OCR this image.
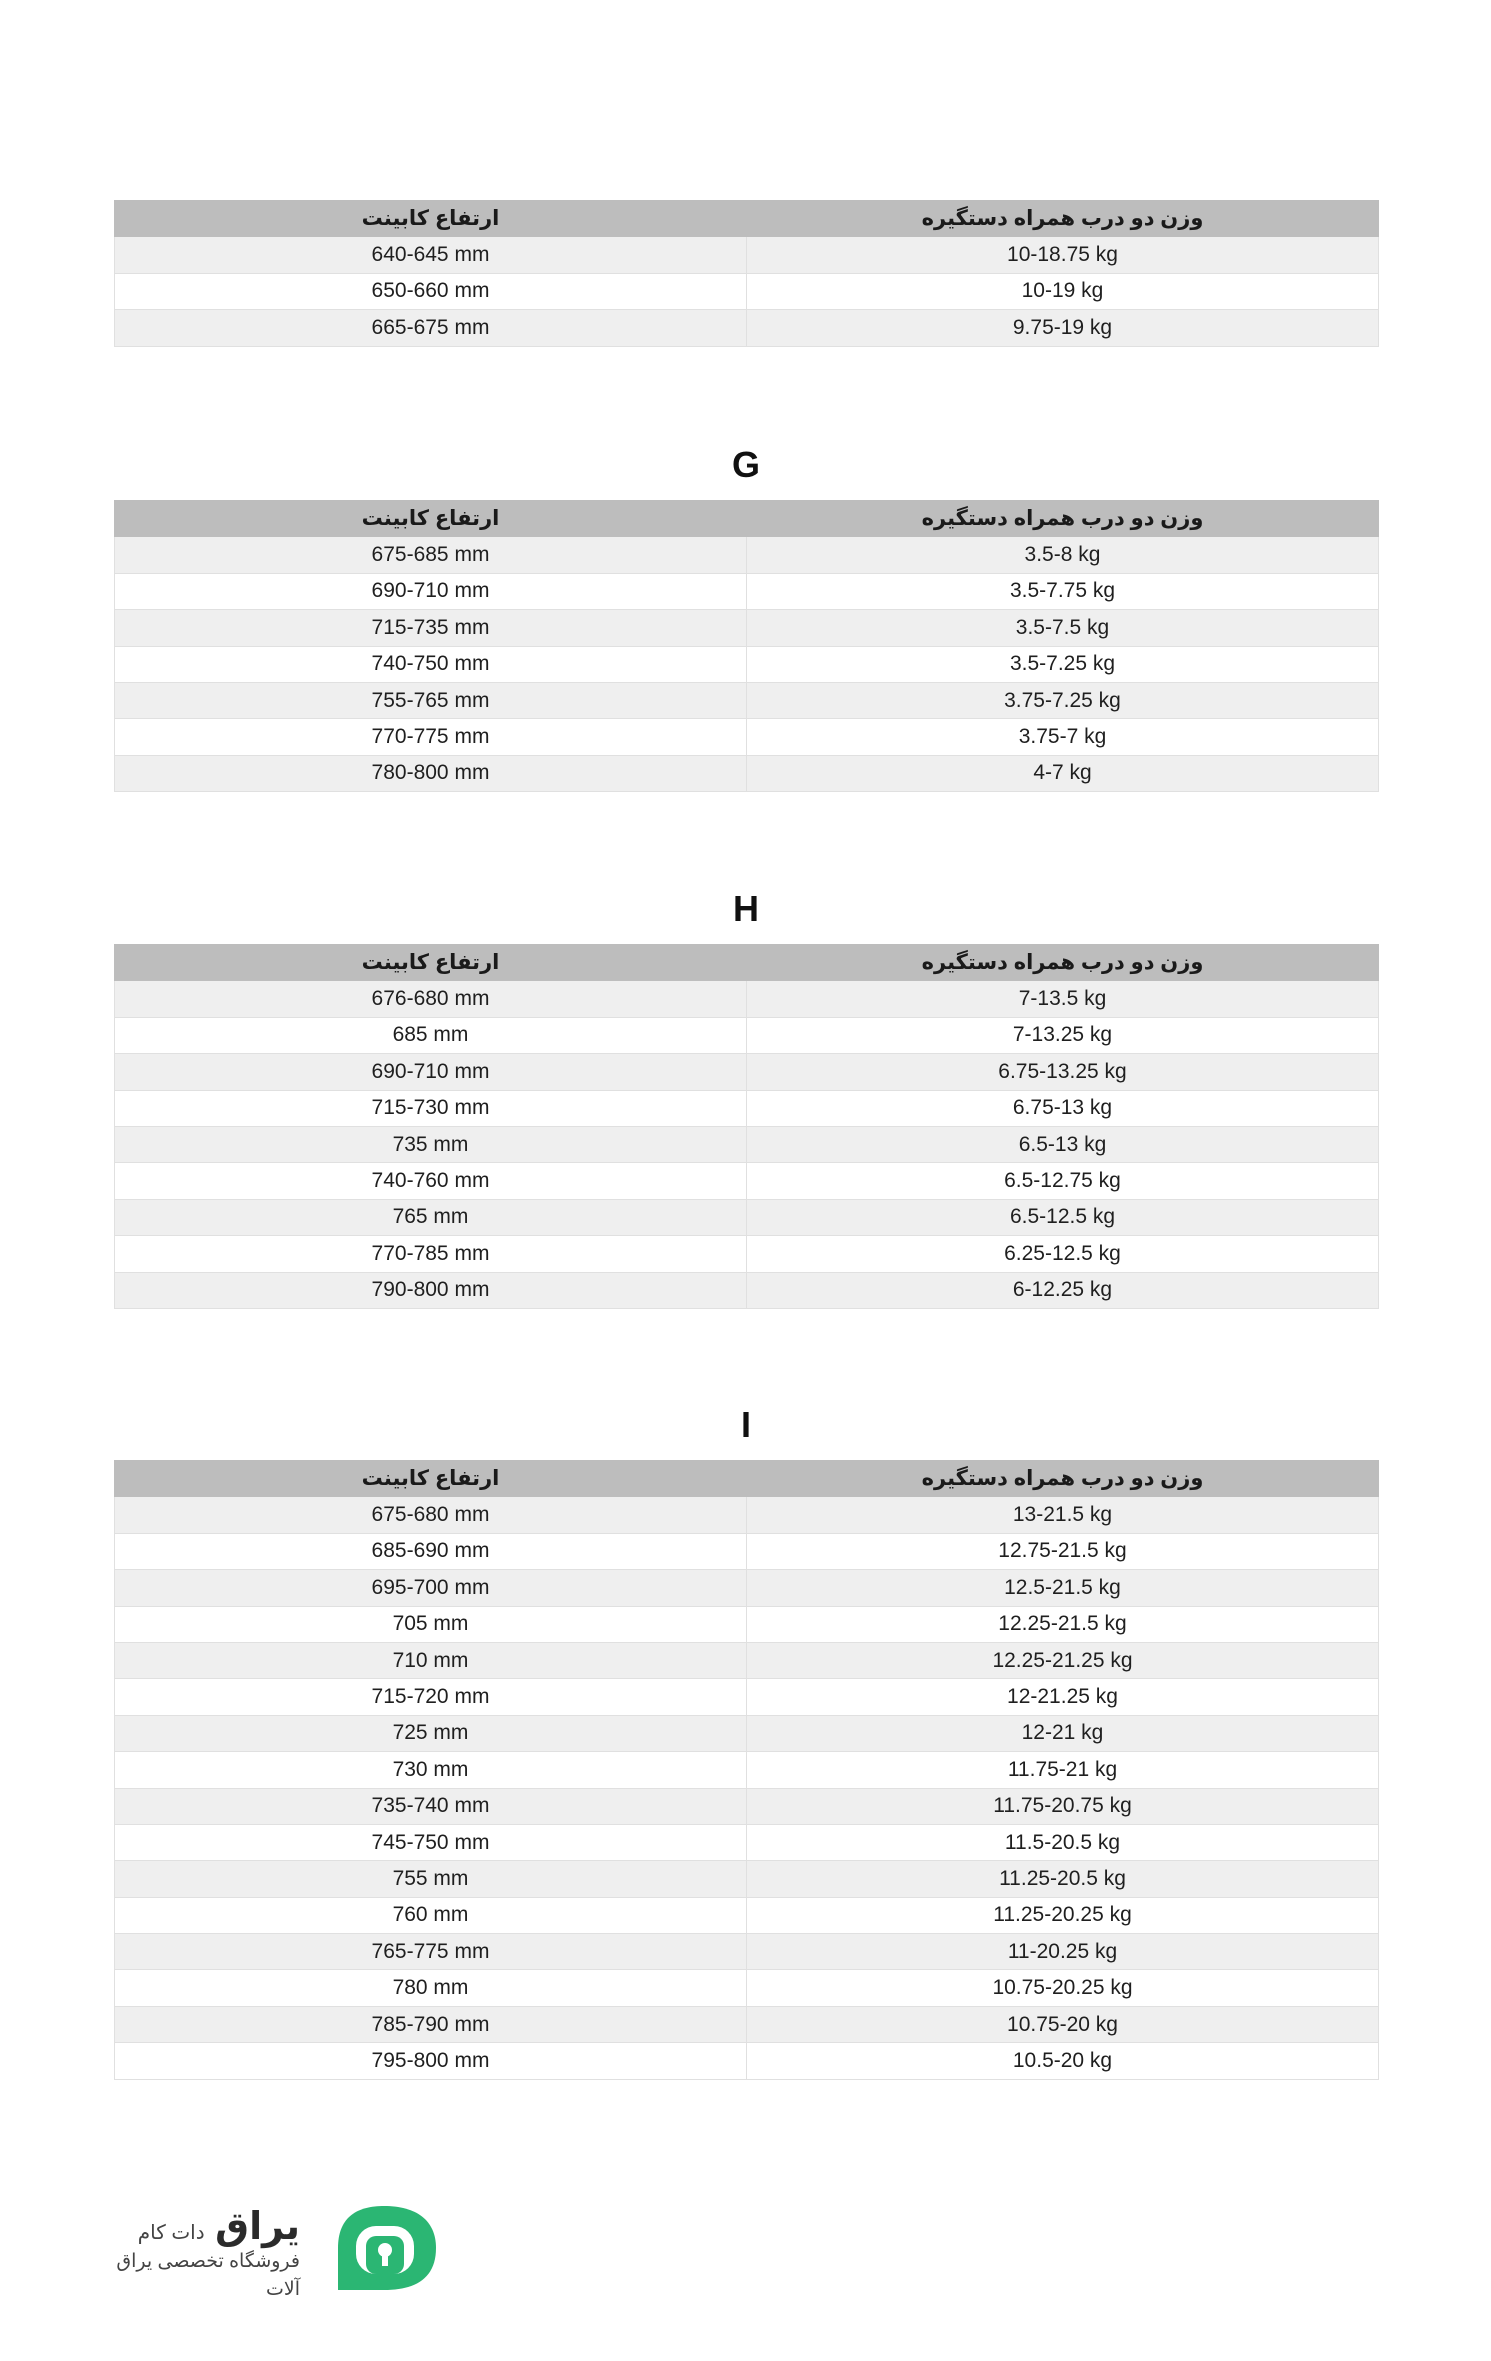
ارتفاع کابینت	وزن دو درب همراه دستگیره
640-645 mm	10-18.75 kg
650-660 mm	10-19 kg
665-675 mm	9.75-19 kg
G
ارتفاع کابینت	وزن دو درب همراه دستگیره
675-685 mm	3.5-8 kg
690-710 mm	3.5-7.75 kg
715-735 mm	3.5-7.5 kg
740-750 mm	3.5-7.25 kg
755-765 mm	3.75-7.25 kg
770-775 mm	3.75-7 kg
780-800 mm	4-7 kg
H
ارتفاع کابینت	وزن دو درب همراه دستگیره
676-680 mm	7-13.5 kg
685 mm	7-13.25 kg
690-710 mm	6.75-13.25 kg
715-730 mm	6.75-13 kg
735 mm	6.5-13 kg
740-760 mm	6.5-12.75 kg
765 mm	6.5-12.5 kg
770-785 mm	6.25-12.5 kg
790-800 mm	6-12.25 kg
I
ارتفاع کابینت	وزن دو درب همراه دستگیره
675-680 mm	13-21.5 kg
685-690 mm	12.75-21.5 kg
695-700 mm	12.5-21.5 kg
705 mm	12.25-21.5 kg
710 mm	12.25-21.25 kg
715-720 mm	12-21.25 kg
725 mm	12-21 kg
730 mm	11.75-21 kg
735-740 mm	11.75-20.75 kg
745-750 mm	11.5-20.5 kg
755 mm	11.25-20.5 kg
760 mm	11.25-20.25 kg
765-775 mm	11-20.25 kg
780 mm	10.75-20.25 kg
785-790 mm	10.75-20 kg
795-800 mm	10.5-20 kg
یراق دات کام
فروشگاه تخصصی یراق آلات
